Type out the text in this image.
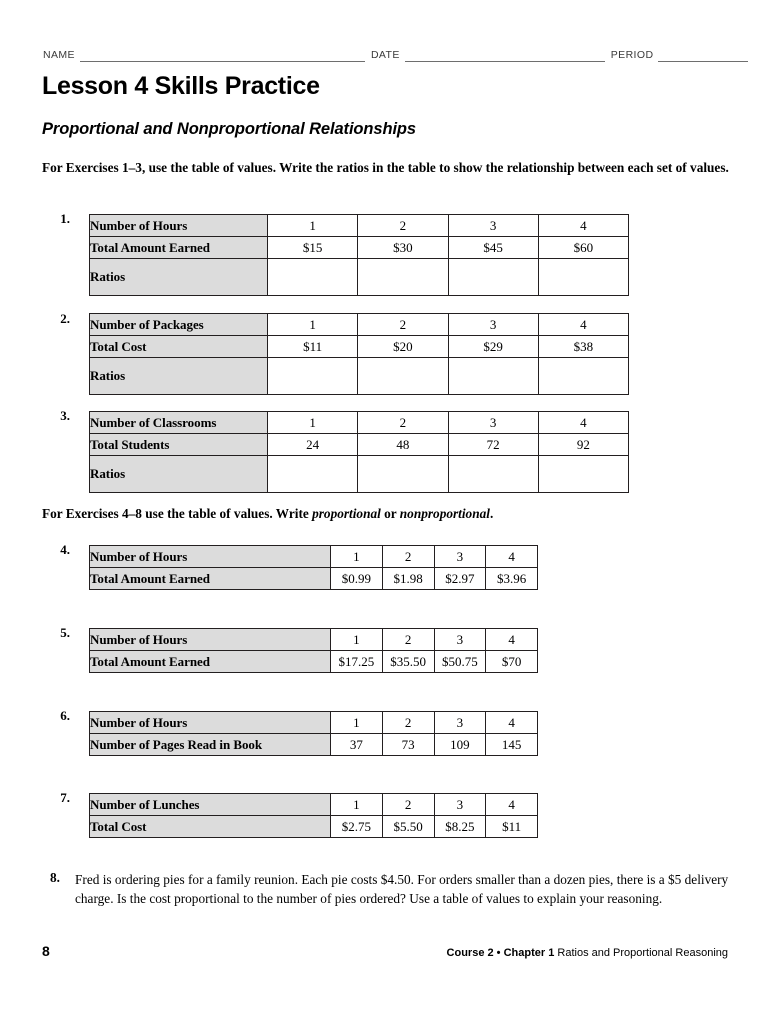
NAME	DATE	PERIOD
Lesson 4 Skills Practice
Proportional and Nonproportional Relationships
For Exercises 1–3, use the table of values. Write the ratios in the table to show the relationship between each set of values.
For Exercises 4–8 use the table of values. Write proportional or nonproportional.
1. Number of Hours	1	2	3	4
Total Amount Earned	$15	$30	$45	$60
Ratios				
2. Number of Packages	1	2	3	4
Total Cost	$11	$20	$29	$38
Ratios				
3. Number of Classrooms	1	2	3	4
Total Students	24	48	72	92
Ratios				
4. Number of Hours	1	2	3	4
Total Amount Earned	$0.99	$1.98	$2.97	$3.96
5. Number of Hours	1	2	3	4
Total Amount Earned	$17.25	$35.50	$50.75	$70
6. Number of Hours	1	2	3	4
Number of Pages Read in Book	37	73	109	145
7. Number of Lunches	1	2	3	4
Total Cost	$2.75	$5.50	$8.25	$11
8. Fred is ordering pies for a family reunion. Each pie costs $4.50. For orders smaller than a dozen pies, there is a $5 delivery charge. Is the cost proportional to the number of pies ordered? Use a table of values to explain your reasoning.
8	Course 2 • Chapter 1 Ratios and Proportional Reasoning
